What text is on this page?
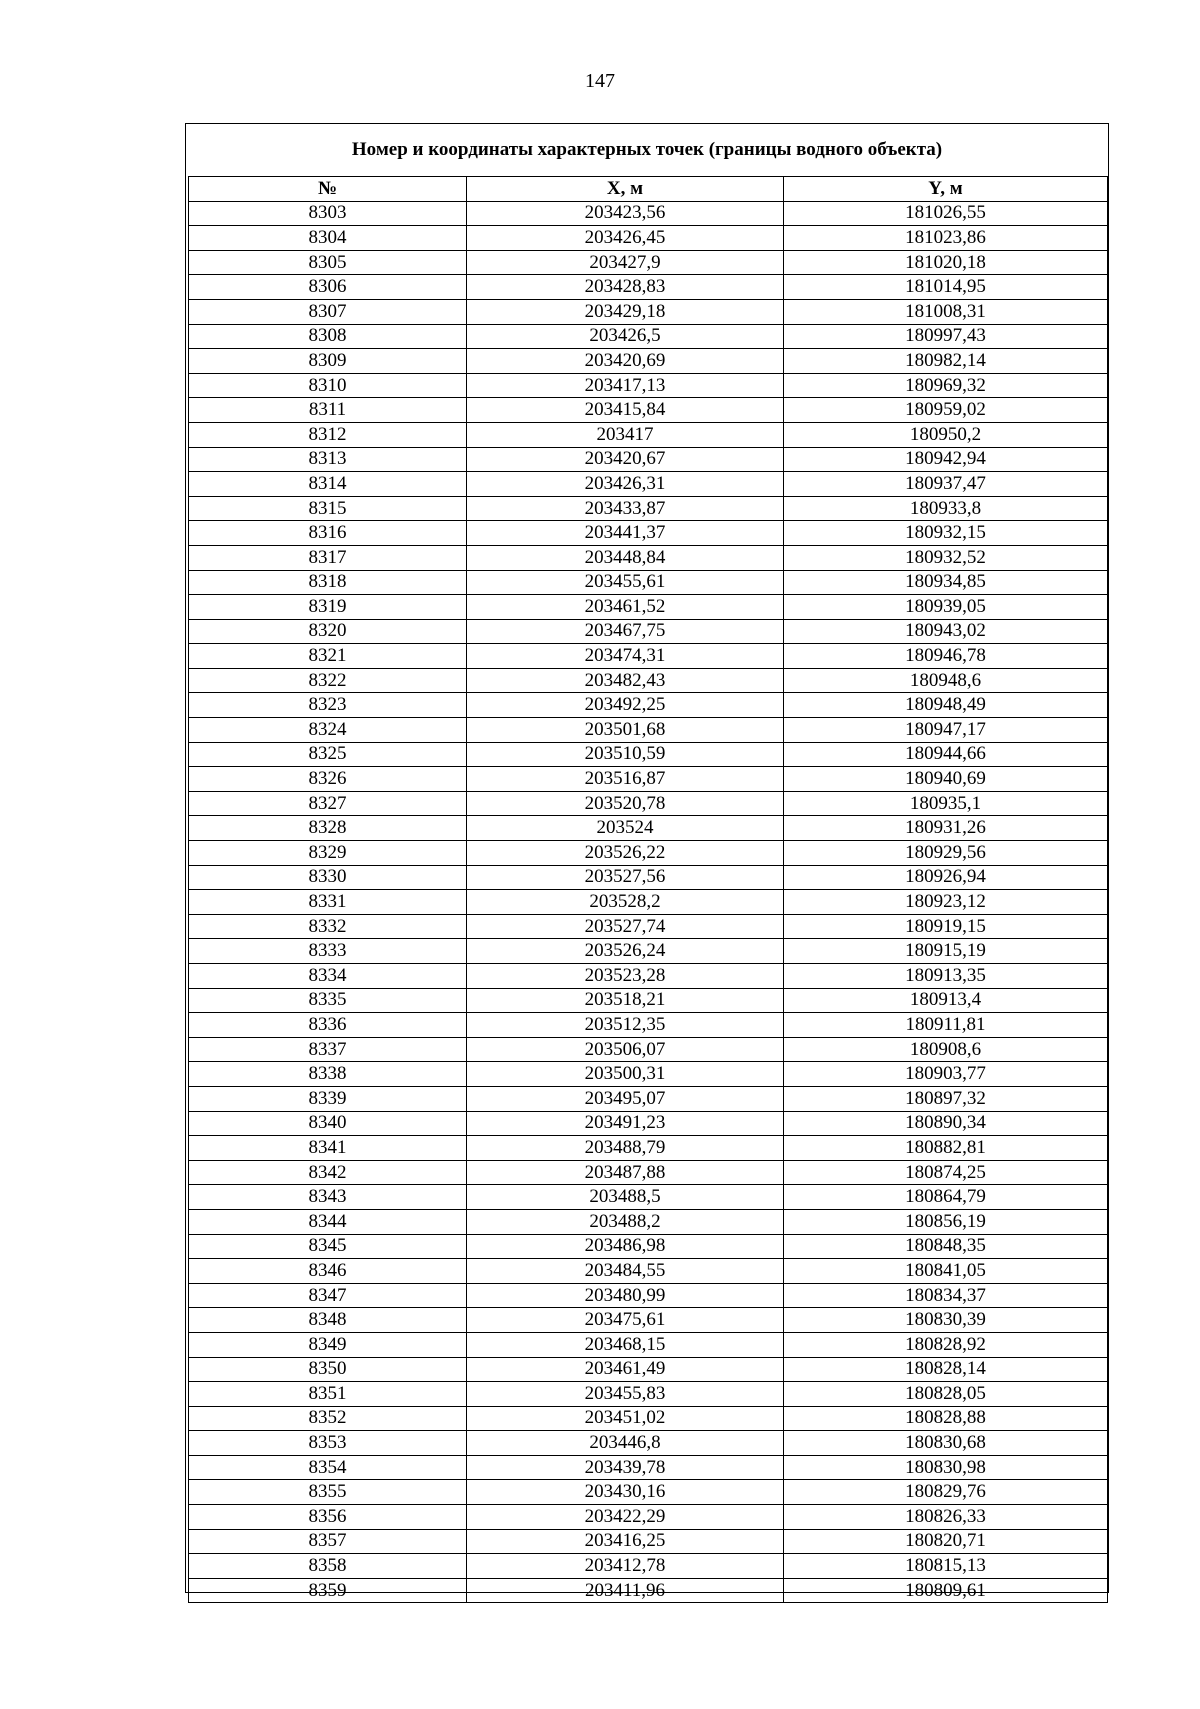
147
Номер и координаты характерных точек (границы водного объекта)
№	X, м	Y, м
8303	203423,56	181026,55
8304	203426,45	181023,86
8305	203427,9	181020,18
8306	203428,83	181014,95
8307	203429,18	181008,31
8308	203426,5	180997,43
8309	203420,69	180982,14
8310	203417,13	180969,32
8311	203415,84	180959,02
8312	203417	180950,2
8313	203420,67	180942,94
8314	203426,31	180937,47
8315	203433,87	180933,8
8316	203441,37	180932,15
8317	203448,84	180932,52
8318	203455,61	180934,85
8319	203461,52	180939,05
8320	203467,75	180943,02
8321	203474,31	180946,78
8322	203482,43	180948,6
8323	203492,25	180948,49
8324	203501,68	180947,17
8325	203510,59	180944,66
8326	203516,87	180940,69
8327	203520,78	180935,1
8328	203524	180931,26
8329	203526,22	180929,56
8330	203527,56	180926,94
8331	203528,2	180923,12
8332	203527,74	180919,15
8333	203526,24	180915,19
8334	203523,28	180913,35
8335	203518,21	180913,4
8336	203512,35	180911,81
8337	203506,07	180908,6
8338	203500,31	180903,77
8339	203495,07	180897,32
8340	203491,23	180890,34
8341	203488,79	180882,81
8342	203487,88	180874,25
8343	203488,5	180864,79
8344	203488,2	180856,19
8345	203486,98	180848,35
8346	203484,55	180841,05
8347	203480,99	180834,37
8348	203475,61	180830,39
8349	203468,15	180828,92
8350	203461,49	180828,14
8351	203455,83	180828,05
8352	203451,02	180828,88
8353	203446,8	180830,68
8354	203439,78	180830,98
8355	203430,16	180829,76
8356	203422,29	180826,33
8357	203416,25	180820,71
8358	203412,78	180815,13
8359	203411,96	180809,61
